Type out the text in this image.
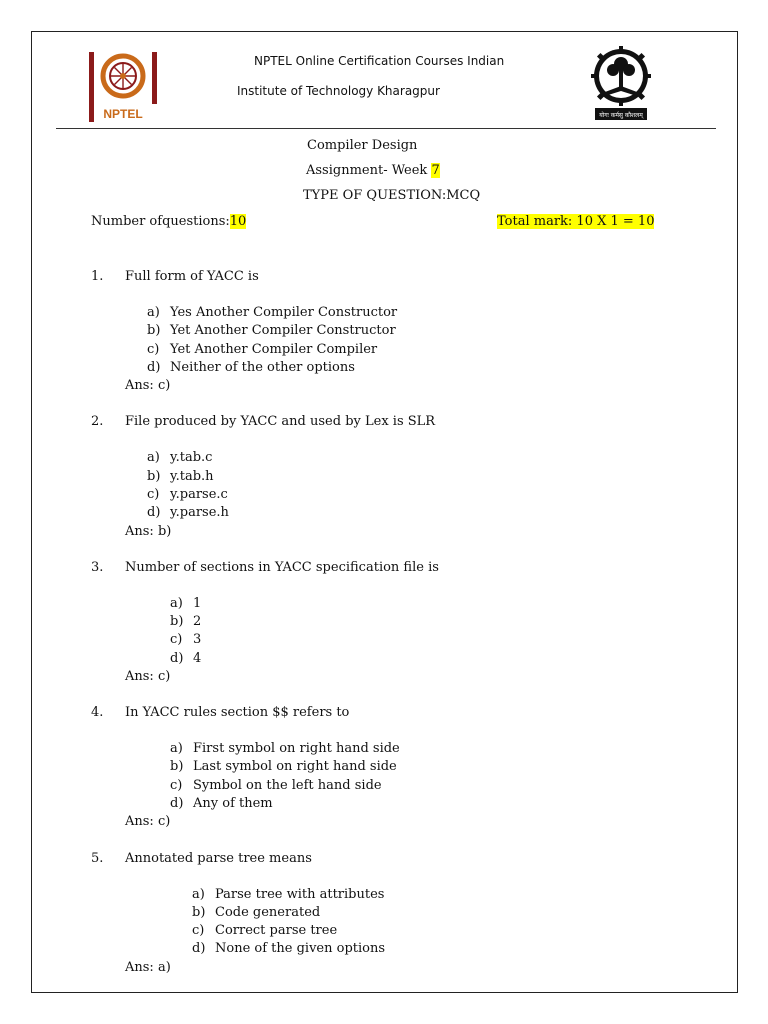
NPTEL
NPTEL Online Certification Courses Indian
Institute of Technology Kharagpur
योगः कर्मसु कौशलम्
Compiler Design
Assignment- Week 7
TYPE OF QUESTION:MCQ
Number ofquestions:10	Total mark: 10 X 1 = 10
1. Full form of YACC is
a) Yes Another Compiler Constructor
b) Yet Another Compiler Constructor
c) Yet Another Compiler Compiler
d) Neither of the other options
Ans: c)
2. File produced by YACC and used by Lex is SLR
a) y.tab.c
b) y.tab.h
c) y.parse.c
d) y.parse.h
Ans: b)
3. Number of sections in YACC specification file is
a) 1
b) 2
c) 3
d) 4
Ans: c)
4. In YACC rules section $$ refers to
a) First symbol on right hand side
b) Last symbol on right hand side
c) Symbol on the left hand side
d) Any of them
Ans: c)
5. Annotated parse tree means
a) Parse tree with attributes
b) Code generated
c) Correct parse tree
d) None of the given options
Ans: a)
